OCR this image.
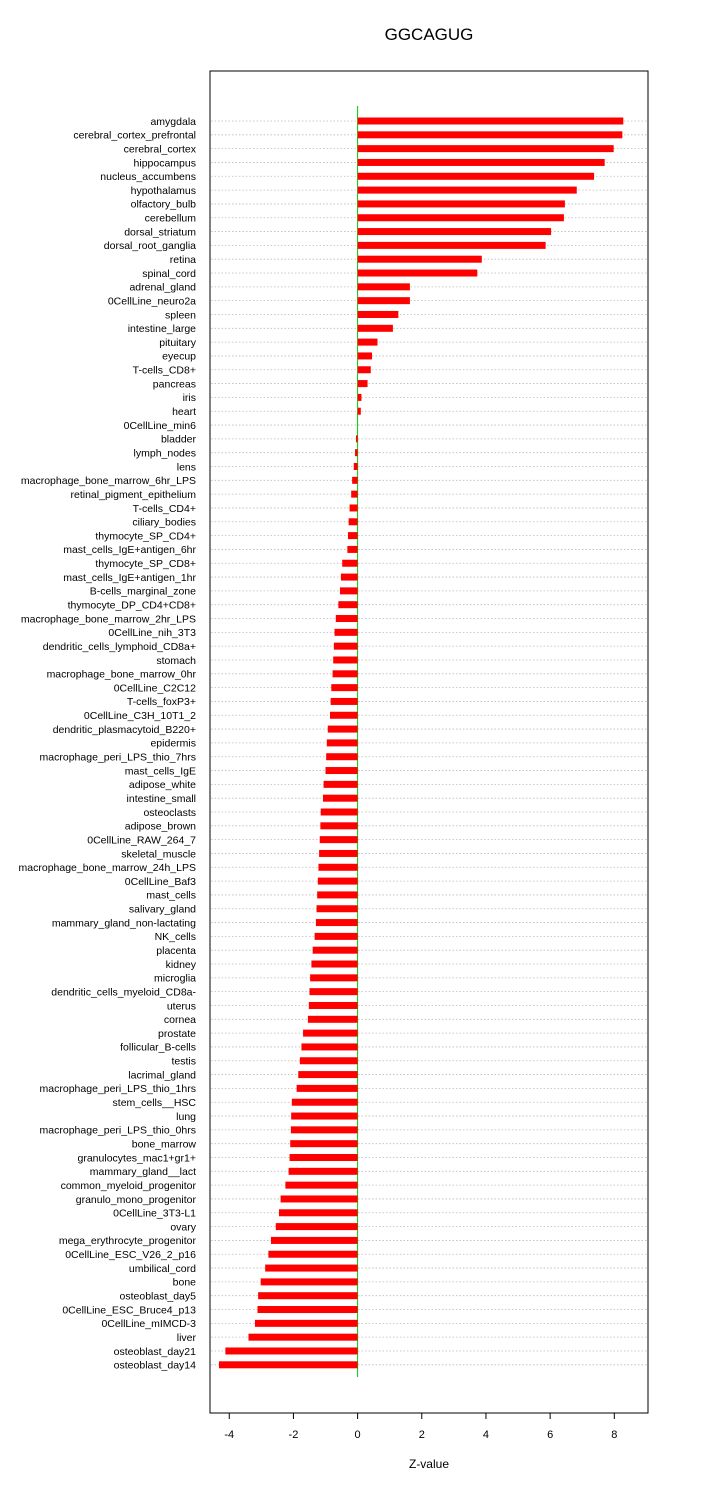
GGCAGUG
amygdala
cerebral_cortex_prefrontal
cerebral_cortex
hippocampus
nucleus_accumbens
hypothalamus
olfactory_bulb
cerebellum
dorsal_striatum
dorsal_root_ganglia
retina
spinal_cord
adrenal_gland
0CellLine_neuro2a
spleen
intestine_large
pituitary
eyecup
T-cells_CD8+
pancreas
iris
heart
0CellLine_min6
bladder
lymph_nodes
lens
macrophage_bone_marrow_6hr_LPS
retinal_pigment_epithelium
T-cells_CD4+
ciliary_bodies
thymocyte_SP_CD4+
mast_cells_IgE+antigen_6hr
thymocyte_SP_CD8+
mast_cells_IgE+antigen_1hr
B-cells_marginal_zone
thymocyte_DP_CD4+CD8+
macrophage_bone_marrow_2hr_LPS
0CellLine_nih_3T3
dendritic_cells_lymphoid_CD8a+
stomach
macrophage_bone_marrow_0hr
0CellLine_C2C12
T-cells_foxP3+
0CellLine_C3H_10T1_2
dendritic_plasmacytoid_B220+
epidermis
macrophage_peri_LPS_thio_7hrs
mast_cells_IgE
adipose_white
intestine_small
osteoclasts
adipose_brown
0CellLine_RAW_264_7
skeletal_muscle
macrophage_bone_marrow_24h_LPS
0CellLine_Baf3
mast_cells
salivary_gland
mammary_gland_non-lactating
NK_cells
placenta
kidney
microglia
dendritic_cells_myeloid_CD8a-
uterus
cornea
prostate
follicular_B-cells
testis
lacrimal_gland
macrophage_peri_LPS_thio_1hrs
stem_cells__HSC
lung
macrophage_peri_LPS_thio_0hrs
bone_marrow
granulocytes_mac1+gr1+
mammary_gland__lact
common_myeloid_progenitor
granulo_mono_progenitor
0CellLine_3T3-L1
ovary
mega_erythrocyte_progenitor
0CellLine_ESC_V26_2_p16
umbilical_cord
bone
osteoblast_day5
0CellLine_ESC_Bruce4_p13
0CellLine_mIMCD-3
liver
osteoblast_day21
osteoblast_day14
-4	-2	0	2	4	6	8
Z-value
